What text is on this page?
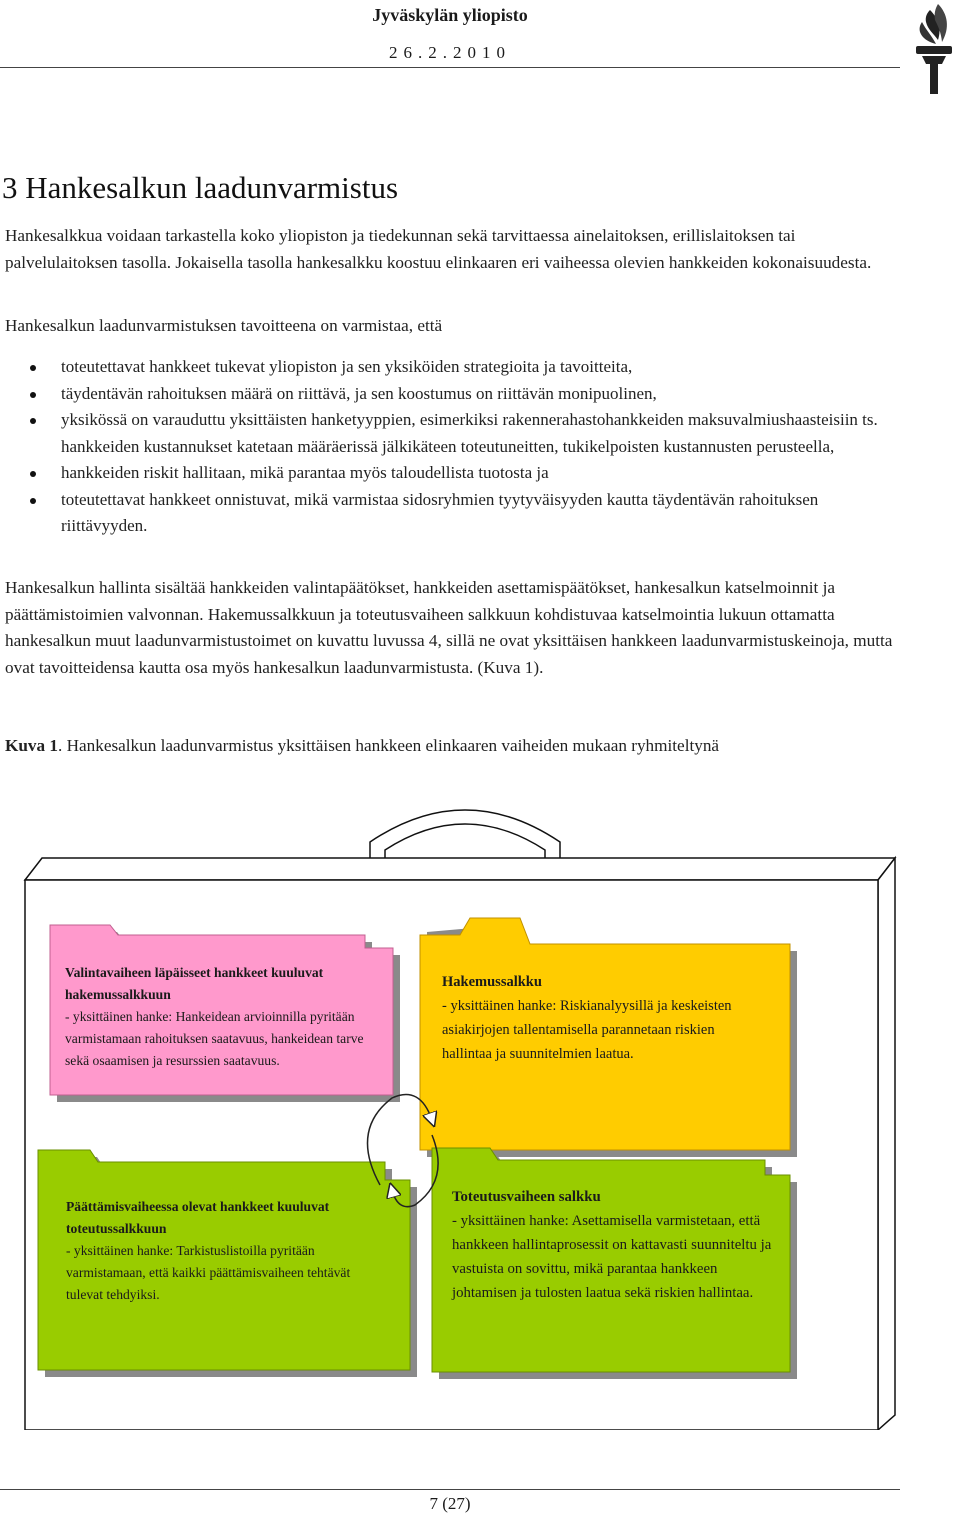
Jyväskylän yliopisto
26.2.2010
3 Hankesalkun laadunvarmistus
Hankesalkkua voidaan tarkastella koko yliopiston ja tiedekunnan sekä tarvittaessa ainelaitoksen, erillislaitoksen tai palvelulaitoksen tasolla. Jokaisella tasolla hankesalkku koostuu elinkaaren eri vaiheessa olevien hankkeiden kokonaisuudesta.
Hankesalkun laadunvarmistuksen tavoitteena on varmistaa, että
toteutettavat hankkeet tukevat yliopiston ja sen yksiköiden strategioita ja tavoitteita,
täydentävän rahoituksen määrä on riittävä, ja sen koostumus on riittävän monipuolinen,
yksikössä on varauduttu yksittäisten hanketyyppien, esimerkiksi rakennerahastohankkeiden maksuvalmiushaasteisiin ts. hankkeiden kustannukset katetaan määräerissä jälkikäteen toteutuneitten, tukikelpoisten kustannusten perusteella,
hankkeiden riskit hallitaan, mikä parantaa myös taloudellista tuotosta ja
toteutettavat hankkeet onnistuvat, mikä varmistaa sidosryhmien tyytyväisyyden kautta täydentävän rahoituksen riittävyyden.
Hankesalkun hallinta sisältää hankkeiden valintapäätökset, hankkeiden asettamispäätökset, hankesalkun katselmoinnit ja päättämistoimien valvonnan. Hakemussalkkuun ja toteutusvaiheen salkkuun kohdistuvaa katselmointia lukuun ottamatta hankesalkun muut laadunvarmistustoimet on kuvattu luvussa 4, sillä ne ovat yksittäisen hankkeen laadunvarmistuskeinoja, mutta ovat tavoitteidensa kautta osa myös hankesalkun laadunvarmistusta. (Kuva 1).
Kuva 1. Hankesalkun laadunvarmistus yksittäisen hankkeen elinkaaren vaiheiden mukaan ryhmiteltynä
Valintavaiheen läpäisseet hankkeet kuuluvat hakemussalkkuun
- yksittäinen hanke: Hankeidean arvioinnilla pyritään varmistamaan rahoituksen saatavuus, hankeidean tarve sekä osaamisen ja resurssien saatavuus.
Hakemussalkku
- yksittäinen hanke: Riskianalyysillä ja keskeisten asiakirjojen tallentamisella parannetaan riskien hallintaa ja suunnitelmien laatua.
Päättämisvaiheessa olevat hankkeet kuuluvat toteutussalkkuun
- yksittäinen hanke: Tarkistuslistoilla pyritään varmistamaan, että kaikki päättämisvaiheen tehtävät tulevat tehdyiksi.
Toteutusvaiheen salkku
- yksittäinen hanke: Asettamisella varmistetaan, että hankkeen hallintaprosessit on kattavasti suunniteltu ja vastuista on sovittu, mikä parantaa hankkeen johtamisen ja tulosten laatua sekä riskien hallintaa.
7 (27)
